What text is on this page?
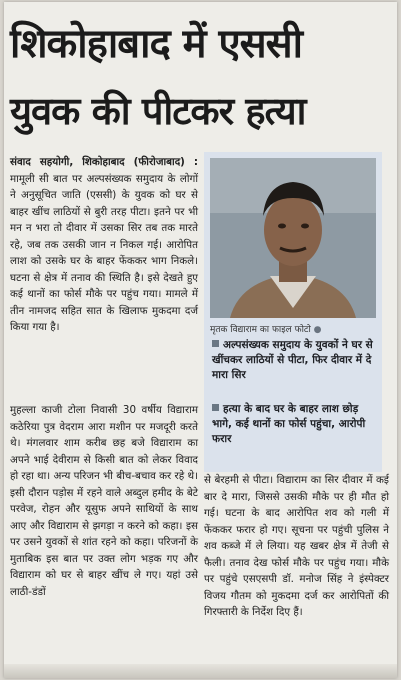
शिकोहाबाद में एससी
युवक की पीटकर हत्या

संवाद सहयोगी, शिकोहाबाद (फीरोजाबाद) : मामूली सी बात पर अल्पसंख्यक समुदाय के लोगों ने अनुसूचित जाति (एससी) के युवक को घर से बाहर खींच लाठियों से बुरी तरह पीटा। इतने पर भी मन न भरा तो दीवार में उसका सिर तब तक मारते रहे, जब तक उसकी जान न निकल गई। आरोपित लाश को उसके घर के बाहर फेंककर भाग निकले। घटना से क्षेत्र में तनाव की स्थिति है। इसे देखते हुए कई थानों का फोर्स मौके पर पहुंच गया। मामले में तीन नामजद सहित सात के खिलाफ मुकदमा दर्ज किया गया है।

मुहल्ला काजी टोला निवासी 30 वर्षीय विद्याराम कठेरिया पुत्र वेदराम आरा मशीन पर मजदूरी करते थे। मंगलवार शाम करीब छह बजे विद्याराम का अपने भाई देवीराम से किसी बात को लेकर विवाद हो रहा था। अन्य परिजन भी बीच-बचाव कर रहे थे। इसी दौरान पड़ोस में रहने वाले अब्दुल हमीद के बेटे परवेज, रोहन और यूसुफ अपने साथियों के साथ आए और विद्याराम से झगड़ा न करने को कहा। इस पर उसने युवकों से शांत रहने को कहा। परिजनों के मुताबिक इस बात पर उक्त लोग भड़क गए और विद्याराम को घर से बाहर खींच ले गए। यहां उसे लाठी-डंडों

मृतक विद्याराम का फाइल फोटो ●
अल्पसंख्यक समुदाय के युवकों ने घर से खींचकर लाठियों से पीटा, फिर दीवार में दे मारा सिर
हत्या के बाद घर के बाहर लाश छोड़ भागे, कई थानों का फोर्स पहुंचा, आरोपी फरार

से बेरहमी से पीटा। विद्याराम का सिर दीवार में कई बार दे मारा, जिससे उसकी मौके पर ही मौत हो गई। घटना के बाद आरोपित शव को गली में फेंककर फरार हो गए। सूचना पर पहुंची पुलिस ने शव कब्जे में ले लिया। यह खबर क्षेत्र में तेजी से फैली। तनाव देख फोर्स मौके पर पहुंच गया। मौके पर पहुंचे एसएसपी डॉ. मनोज सिंह ने इंस्पेक्टर विजय गौतम को मुकदमा दर्ज कर आरोपितों की गिरफ्तारी के निर्देश दिए हैं।
